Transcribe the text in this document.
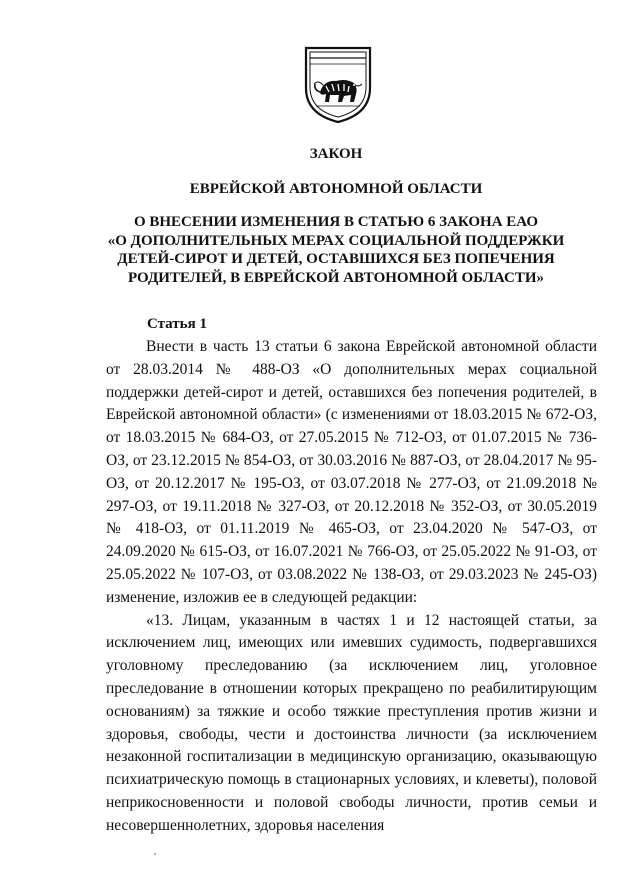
ЗАКОН

ЕВРЕЙСКОЙ АВТОНОМНОЙ ОБЛАСТИ

О ВНЕСЕНИИ ИЗМЕНЕНИЯ В СТАТЬЮ 6 ЗАКОНА ЕАО
«О ДОПОЛНИТЕЛЬНЫХ МЕРАХ СОЦИАЛЬНОЙ ПОДДЕРЖКИ
ДЕТЕЙ-СИРОТ И ДЕТЕЙ, ОСТАВШИХСЯ БЕЗ ПОПЕЧЕНИЯ
РОДИТЕЛЕЙ, В ЕВРЕЙСКОЙ АВТОНОМНОЙ ОБЛАСТИ»

Статья 1

Внести в часть 13 статьи 6 закона Еврейской автономной области от 28.03.2014 № 488-ОЗ «О дополнительных мерах социальной поддержки детей-сирот и детей, оставшихся без попечения родителей, в Еврейской автономной области» (с изменениями от 18.03.2015 № 672-ОЗ, от 18.03.2015 № 684-ОЗ, от 27.05.2015 № 712-ОЗ, от 01.07.2015 № 736-ОЗ, от 23.12.2015 № 854-ОЗ, от 30.03.2016 № 887-ОЗ, от 28.04.2017 № 95-ОЗ, от 20.12.2017 № 195-ОЗ, от 03.07.2018 № 277-ОЗ, от 21.09.2018 № 297-ОЗ, от 19.11.2018 № 327-ОЗ, от 20.12.2018 № 352-ОЗ, от 30.05.2019 № 418-ОЗ, от 01.11.2019 № 465-ОЗ, от 23.04.2020 № 547-ОЗ, от 24.09.2020 № 615-ОЗ, от 16.07.2021 № 766-ОЗ, от 25.05.2022 № 91-ОЗ, от 25.05.2022 № 107-ОЗ, от 03.08.2022 № 138-ОЗ, от 29.03.2023 № 245-ОЗ) изменение, изложив ее в следующей редакции:

«13. Лицам, указанным в частях 1 и 12 настоящей статьи, за исключением лиц, имеющих или имевших судимость, подвергавшихся уголовному преследованию (за исключением лиц, уголовное преследование в отношении которых прекращено по реабилитирующим основаниям) за тяжкие и особо тяжкие преступления против жизни и здоровья, свободы, чести и достоинства личности (за исключением незаконной госпитализации в медицинскую организацию, оказывающую психиатрическую помощь в стационарных условиях, и клеветы), половой неприкосновенности и половой свободы личности, против семьи и несовершеннолетних, здоровья населения
